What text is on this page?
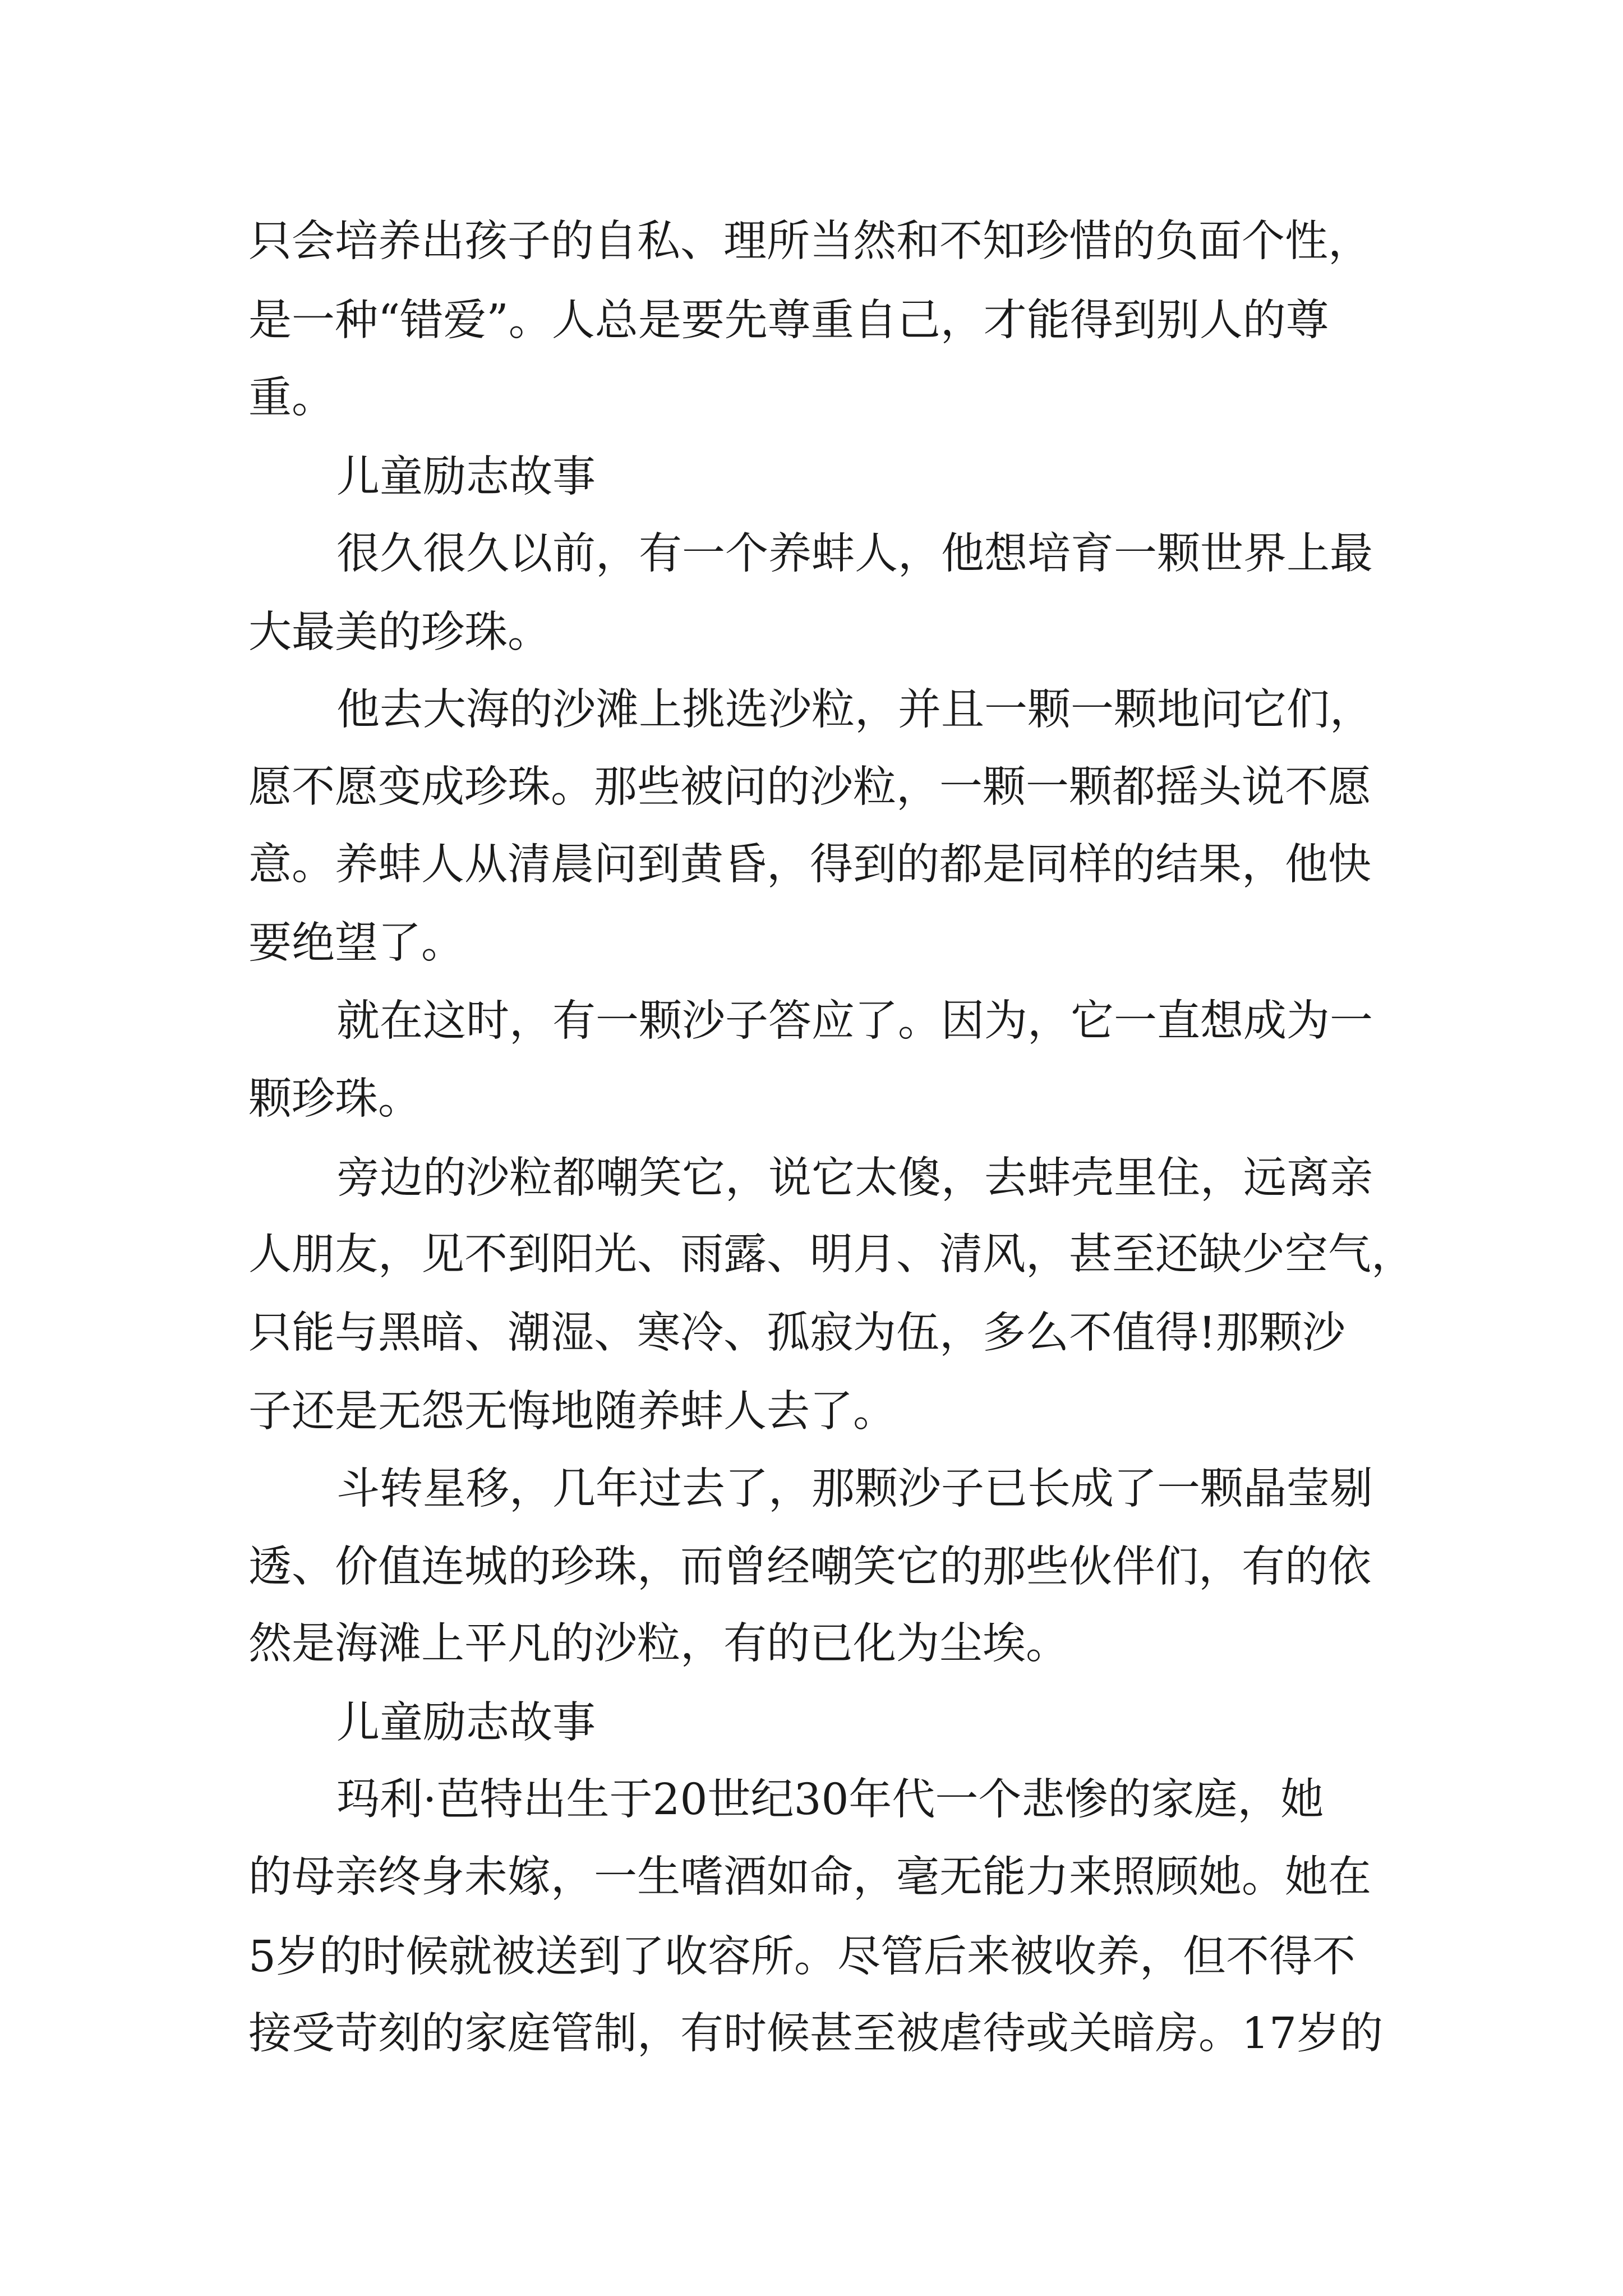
只会培养出孩子的自私、理所当然和不知珍惜的负面个性，
是一种“错爱”。人总是要先尊重自己，才能得到别人的尊
重。
儿童励志故事
很久很久以前，有一个养蚌人，他想培育一颗世界上最
大最美的珍珠。
他去大海的沙滩上挑选沙粒，并且一颗一颗地问它们，
愿不愿变成珍珠。那些被问的沙粒，一颗一颗都摇头说不愿
意。养蚌人从清晨问到黄昏，得到的都是同样的结果，他快
要绝望了。
就在这时，有一颗沙子答应了。因为，它一直想成为一
颗珍珠。
旁边的沙粒都嘲笑它，说它太傻，去蚌壳里住，远离亲
人朋友，见不到阳光、雨露、明月、清风，甚至还缺少空气，
只能与黑暗、潮湿、寒冷、孤寂为伍，多么不值得!那颗沙
子还是无怨无悔地随养蚌人去了。
斗转星移，几年过去了，那颗沙子已长成了一颗晶莹剔
透、价值连城的珍珠，而曾经嘲笑它的那些伙伴们，有的依
然是海滩上平凡的沙粒，有的已化为尘埃。
儿童励志故事
玛利·芭特出生于20世纪30年代一个悲惨的家庭，她
的母亲终身未嫁，一生嗜酒如命，毫无能力来照顾她。她在
5岁的时候就被送到了收容所。尽管后来被收养，但不得不
接受苛刻的家庭管制，有时候甚至被虐待或关暗房。17岁的
